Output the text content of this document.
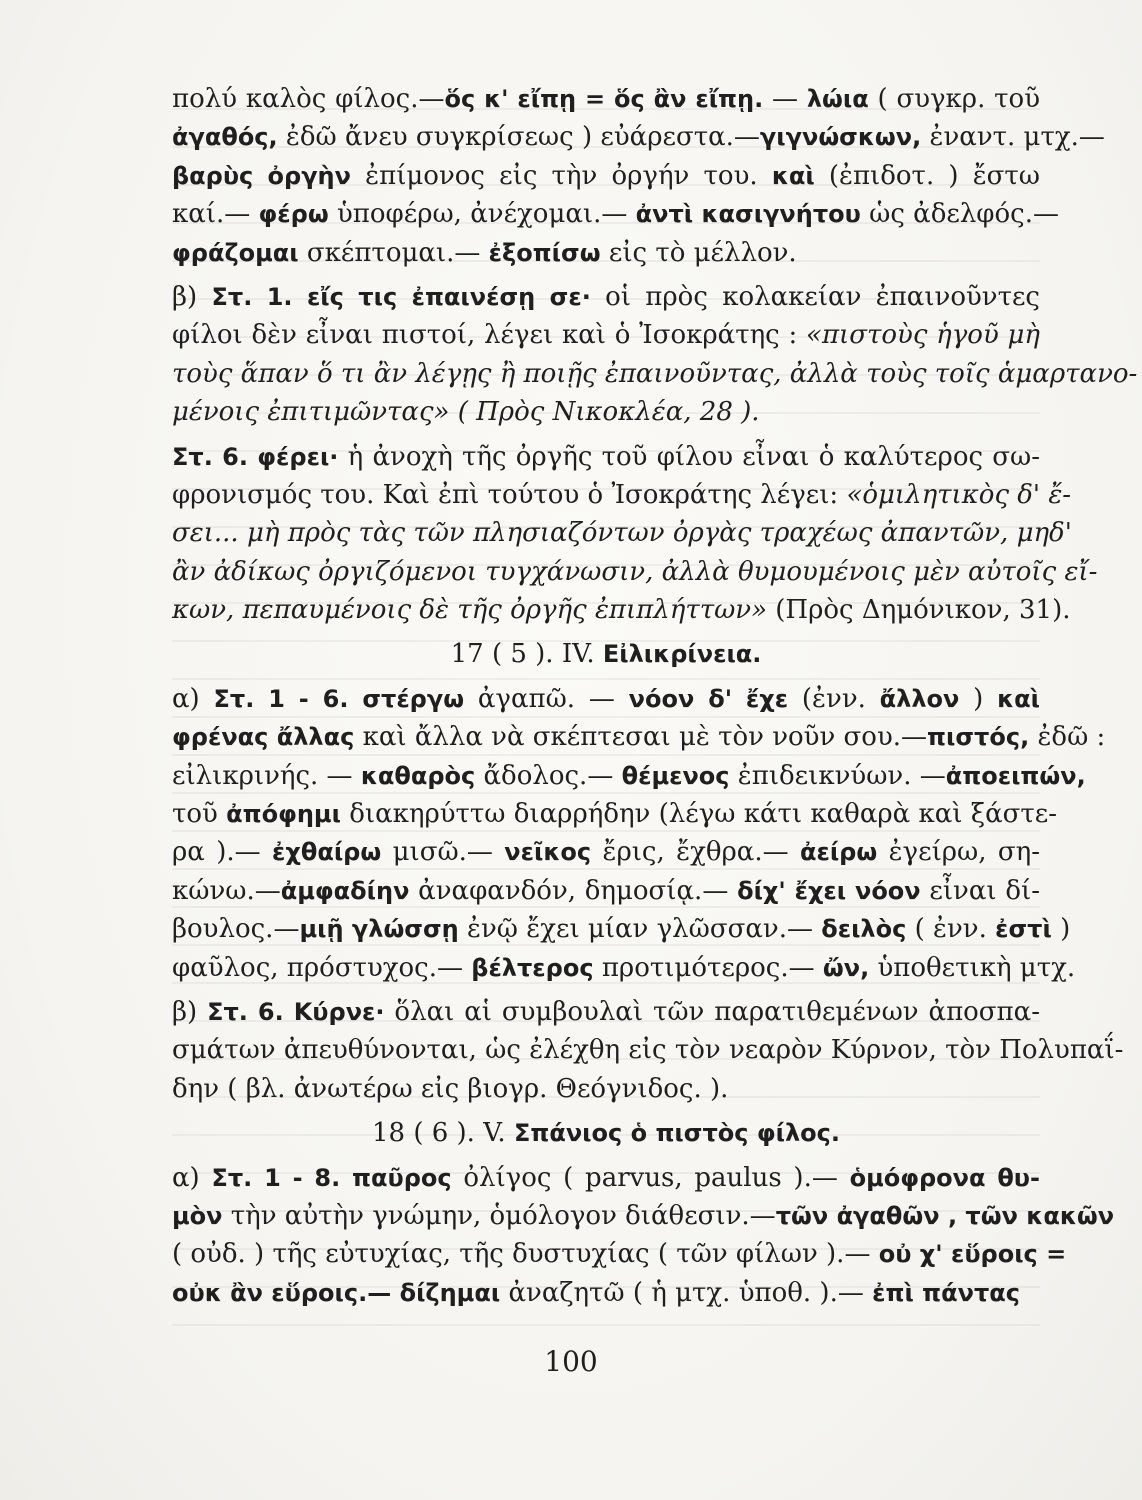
πολύ καλὸς φίλος.—ὅς κ' εἴπῃ = ὅς ἂν εἴπῃ. — λώια ( συγκρ. τοῦ
ἀγαθός, ἐδῶ ἄνευ συγκρίσεως ) εὐάρεστα.—γιγνώσκων, ἐναντ. μτχ.—
βαρὺς ὀργὴν ἐπίμονος εἰς τὴν ὀργήν του. καὶ (ἐπιδοτ. ) ἔστω
καί.— φέρω ὑποφέρω, ἀνέχομαι.— ἀντὶ κασιγνήτου ὡς ἀδελφός.—
φράζομαι σκέπτομαι.— ἐξοπίσω εἰς τὸ μέλλον.
β) Στ. 1. εἴς τις ἐπαινέσῃ σε· οἱ πρὸς κολακείαν ἐπαινοῦντες
φίλοι δὲν εἶναι πιστοί, λέγει καὶ ὁ Ἰσοκράτης : «πιστοὺς ἡγοῦ μὴ
τοὺς ἅπαν ὅ τι ἂν λέγῃς ἢ ποιῇς ἐπαινοῦντας, ἀλλὰ τοὺς τοῖς ἁμαρτανο-
μένοις ἐπιτιμῶντας» ( Πρὸς Νικοκλέα, 28 ).
Στ. 6. φέρει· ἡ ἀνοχὴ τῆς ὀργῆς τοῦ φίλου εἶναι ὁ καλύτερος σω-
φρονισμός του. Καὶ ἐπὶ τούτου ὁ Ἰσοκράτης λέγει: «ὁμιλητικὸς δ' ἔ-
σει... μὴ πρὸς τὰς τῶν πλησιαζόντων ὀργὰς τραχέως ἀπαντῶν, μηδ'
ἂν ἀδίκως ὀργιζόμενοι τυγχάνωσιν, ἀλλὰ θυμουμένοις μὲν αὐτοῖς εἴ-
κων, πεπαυμένοις δὲ τῆς ὀργῆς ἐπιπλήττων» (Πρὸς Δημόνικον, 31).
17 ( 5 ). IV. Εἰλικρίνεια.
α) Στ. 1 - 6. στέργω ἀγαπῶ. — νόον δ' ἔχε (ἐνν. ἄλλον ) καὶ
φρένας ἄλλας καὶ ἄλλα νὰ σκέπτεσαι μὲ τὸν νοῦν σου.—πιστός, ἐδῶ :
εἰλικρινής. — καθαρὸς ἄδολος.— θέμενος ἐπιδεικνύων. —ἀποειπών,
τοῦ ἀπόφημι διακηρύττω διαρρήδην (λέγω κάτι καθαρὰ καὶ ξάστε-
ρα ).— ἐχθαίρω μισῶ.— νεῖκος ἔρις, ἔχθρα.— ἀείρω ἐγείρω, ση-
κώνω.—ἀμφαδίην ἀναφανδόν, δημοσίᾳ.— δίχ' ἔχει νόον εἶναι δί-
βουλος.—μιῇ γλώσσῃ ἐνῷ ἔχει μίαν γλῶσσαν.— δειλὸς ( ἐνν. ἐστὶ )
φαῦλος, πρόστυχος.— βέλτερος προτιμότερος.— ὤν, ὑποθετικὴ μτχ.
β) Στ. 6. Κύρνε· ὅλαι αἱ συμβουλαὶ τῶν παρατιθεμένων ἀποσπα-
σμάτων ἀπευθύνονται, ὡς ἐλέχθη εἰς τὸν νεαρὸν Κύρνον, τὸν Πολυπαΐ-
δην ( βλ. ἀνωτέρω εἰς βιογρ. Θεόγνιδος. ).
18 ( 6 ). V. Σπάνιος ὁ πιστὸς φίλος.
α) Στ. 1 - 8. παῦρος ὀλίγος ( parvus, paulus ).— ὁμόφρονα θυ-
μὸν τὴν αὐτὴν γνώμην, ὁμόλογον διάθεσιν.—τῶν ἀγαθῶν , τῶν κακῶν
( οὐδ. ) τῆς εὐτυχίας, τῆς δυστυχίας ( τῶν φίλων ).— οὐ χ' εὕροις =
οὐκ ἂν εὕροις.— δίζημαι ἀναζητῶ ( ἡ μτχ. ὑποθ. ).— ἐπὶ πάντας
100
